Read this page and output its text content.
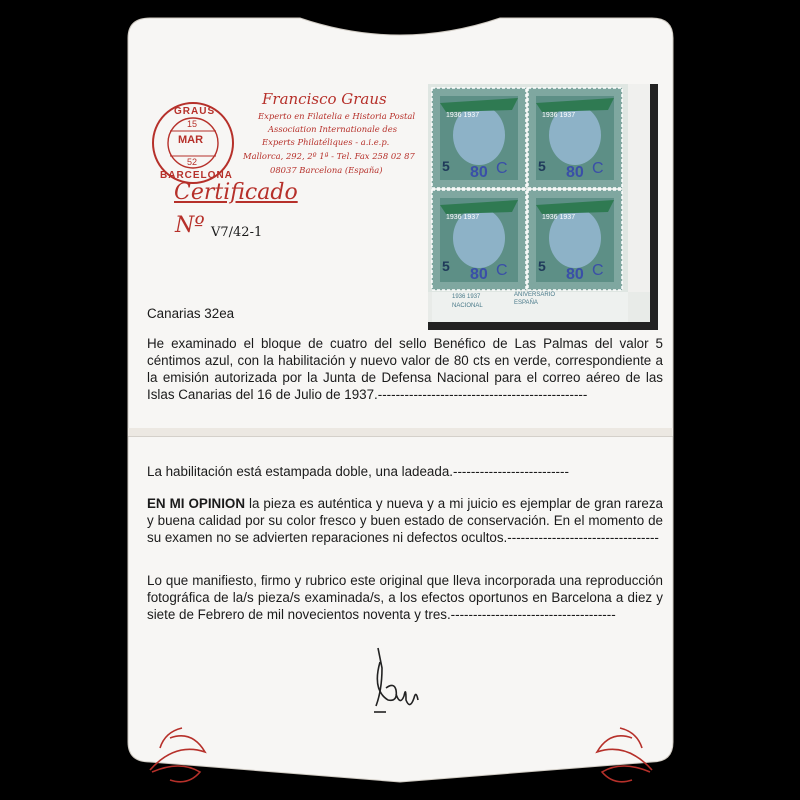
GRAUS
15
MAR
52
BARCELONA
Francisco Graus
Experto en Filatelia e Historia Postal
Association Internationale des
Experts Philatéliques - a.i.e.p.
Mallorca, 292, 2º 1ª - Tel. Fax 258 02 87
08037 Barcelona (España)
Certificado
Nº V7/42-1
80	80
80	80
C	C
C	C
5
5
5
5
1936 1937	1936 1937
1936 1937	1936 1937
1936 1937
ESPAÑA
NACIONAL
ANIVERSARIO
Canarias 32ea
He examinado el bloque de cuatro del sello Benéfico de Las Palmas del valor 5 céntimos azul, con la habilitación y nuevo valor de 80 cts en verde, correspondiente a la emisión autorizada por la Junta de Defensa Nacional para el correo aéreo de las Islas Canarias del 16 de Julio de 1937.-----------------------------------------------
La habilitación está estampada doble, una ladeada.--------------------------
EN MI OPINION la pieza es auténtica y nueva y a mi juicio es ejemplar de gran rareza y buena calidad por su color fresco y buen estado de conservación. En el momento de su examen no se advierten reparaciones ni defectos ocultos.----------------------------------
Lo que manifiesto, firmo y rubrico este original que lleva incorporada una reproducción fotográfica de la/s pieza/s examinada/s, a los efectos oportunos en Barcelona a diez y siete de Febrero de mil novecientos noventa y tres.-------------------------------------
